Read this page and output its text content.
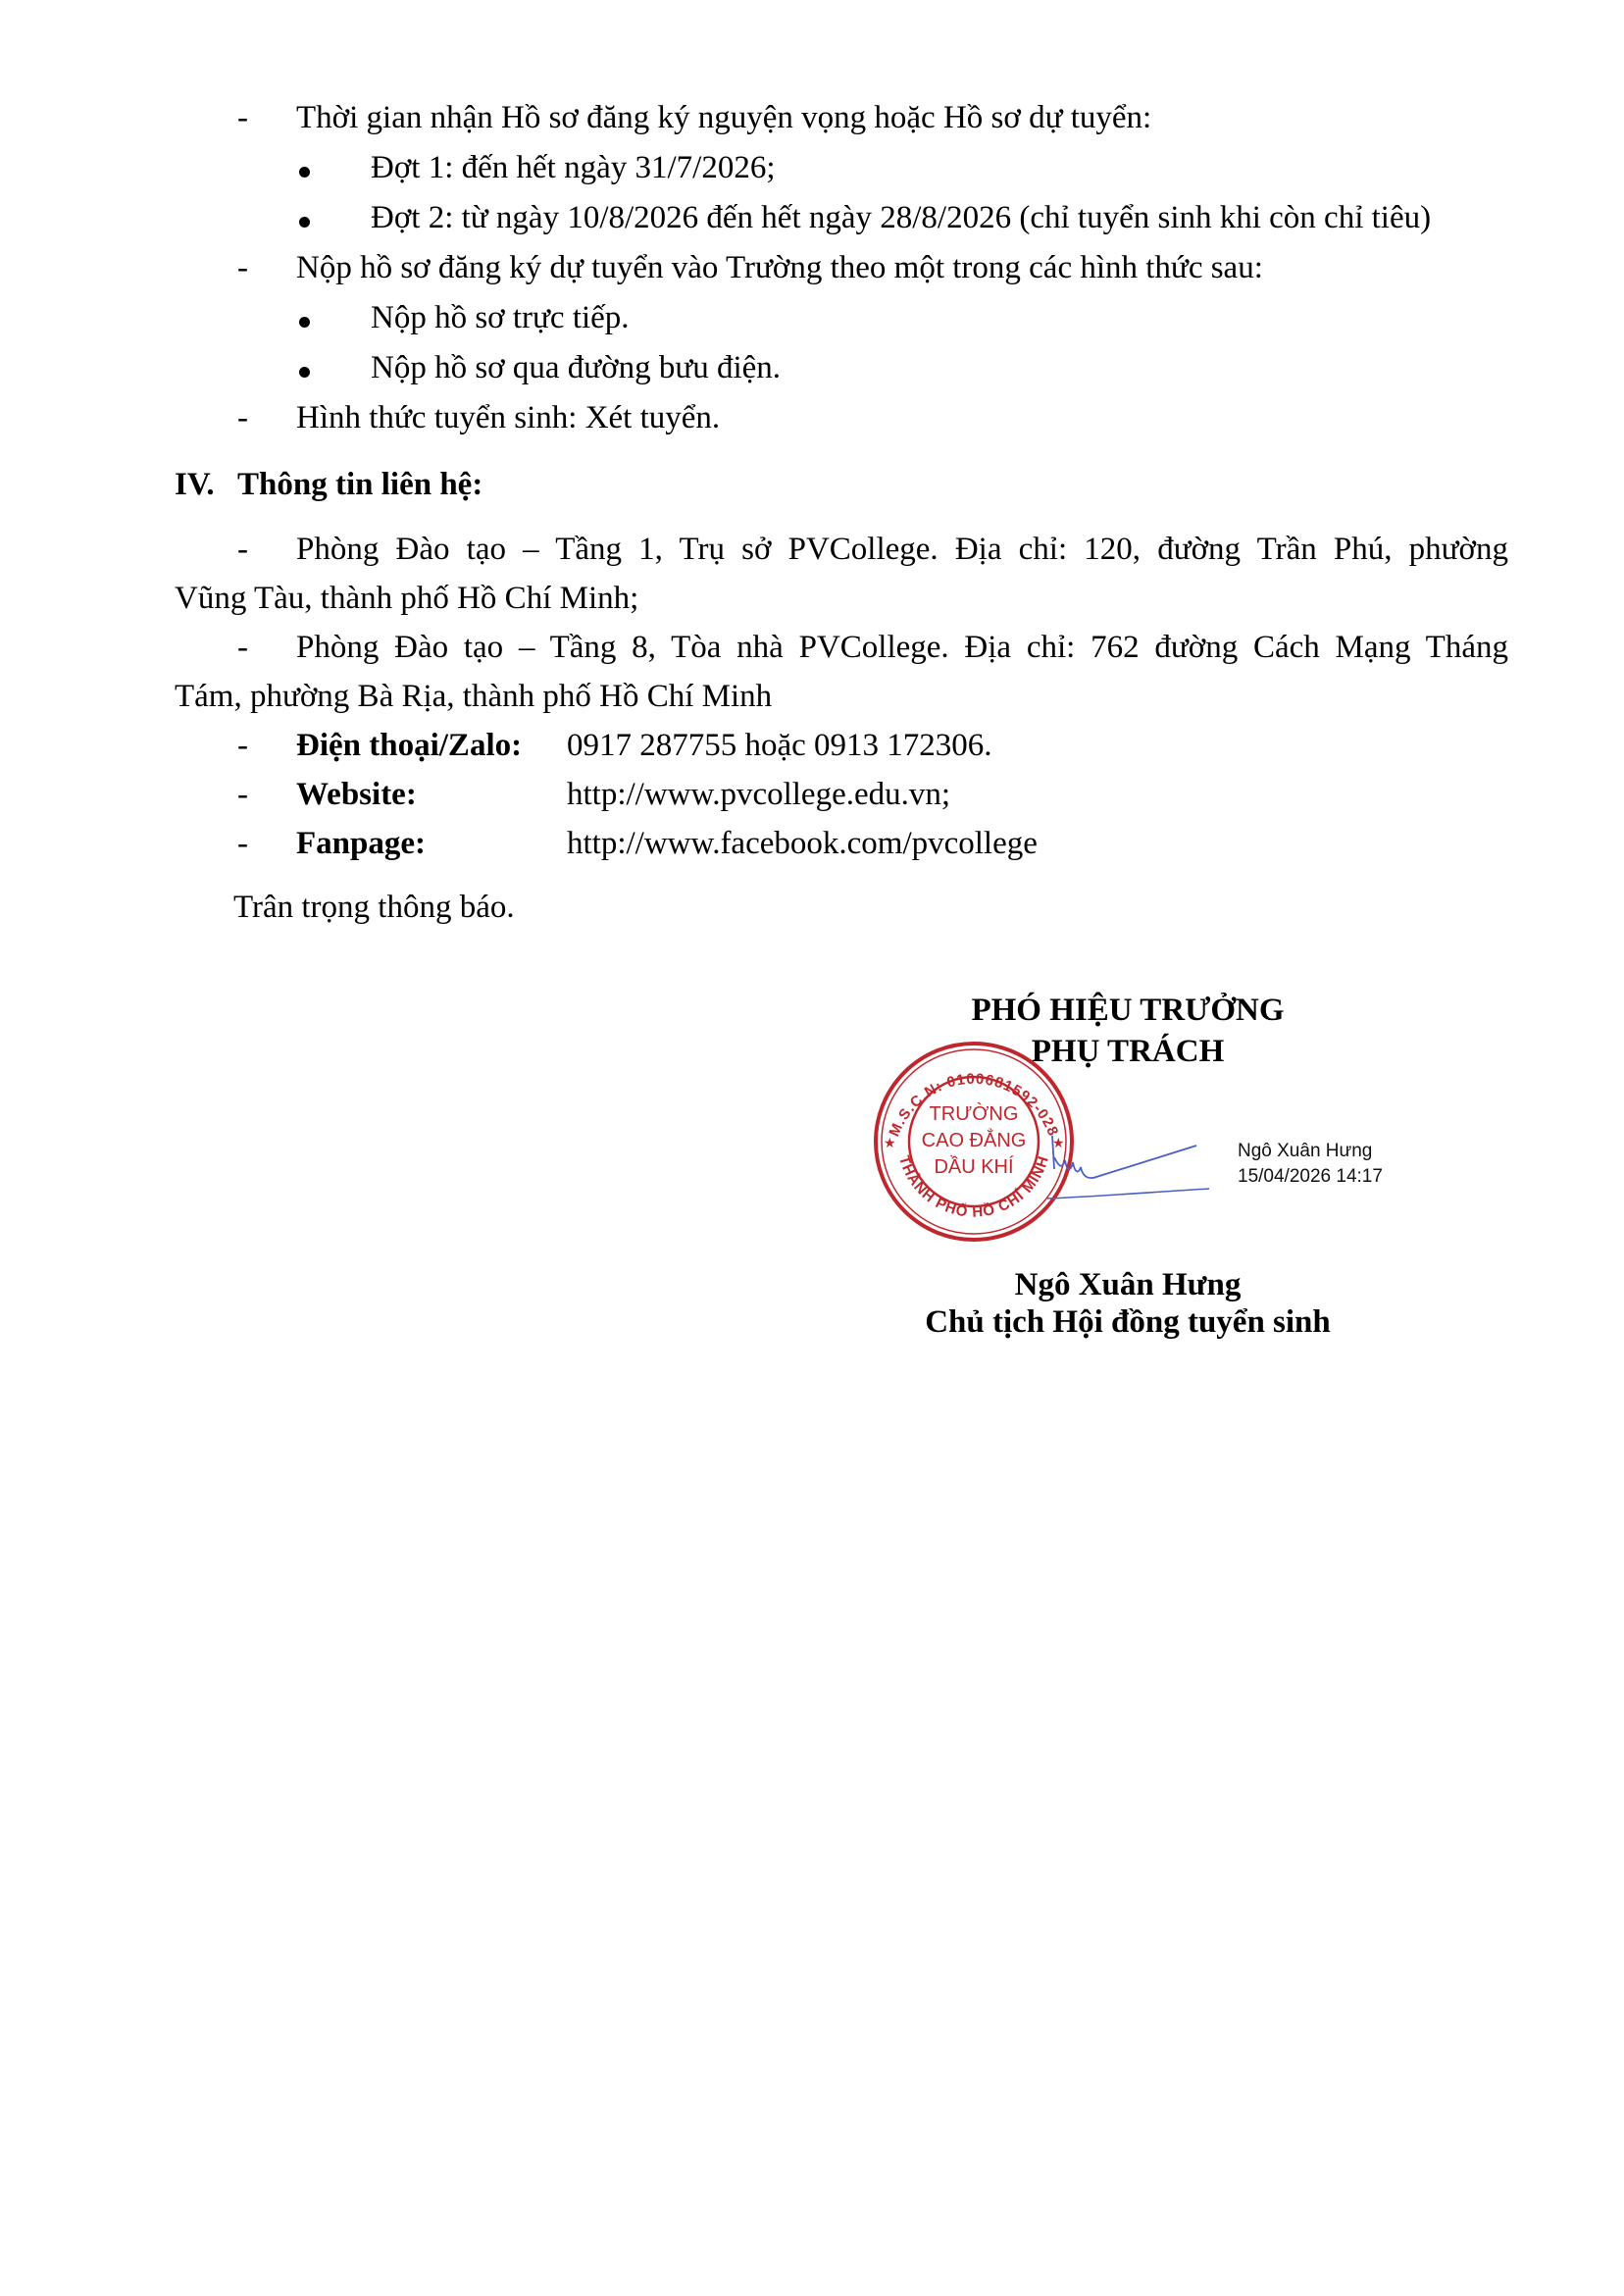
- Thời gian nhận Hồ sơ đăng ký nguyện vọng hoặc Hồ sơ dự tuyển:
Đợt 1: đến hết ngày 31/7/2026;
Đợt 2: từ ngày 10/8/2026 đến hết ngày 28/8/2026 (chỉ tuyển sinh khi còn chỉ tiêu)
- Nộp hồ sơ đăng ký dự tuyển vào Trường theo một trong các hình thức sau:
Nộp hồ sơ trực tiếp.
Nộp hồ sơ qua đường bưu điện.
- Hình thức tuyển sinh: Xét tuyển.
IV. Thông tin liên hệ:
- Phòng Đào tạo – Tầng 1, Trụ sở PVCollege. Địa chỉ: 120, đường Trần Phú, phường
Vũng Tàu, thành phố Hồ Chí Minh;
- Phòng Đào tạo – Tầng 8, Tòa nhà PVCollege. Địa chỉ: 762 đường Cách Mạng Tháng
Tám, phường Bà Rịa, thành phố Hồ Chí Minh
- Điện thoại/Zalo: 0917 287755 hoặc 0913 172306.
- Website:	http://www.pvcollege.edu.vn;
- Fanpage:	http://www.facebook.com/pvcollege
Trân trọng thông báo.
PHÓ HIỆU TRƯỞNG
PHỤ TRÁCH
M.S.C.N: 0100681592-028
THÀNH PHỐ HỒ CHÍ MINH
★	★
TRƯỜNG
CAO ĐẲNG
DẦU KHÍ
Ngô Xuân Hưng
15/04/2026 14:17
Ngô Xuân Hưng
Chủ tịch Hội đồng tuyển sinh
